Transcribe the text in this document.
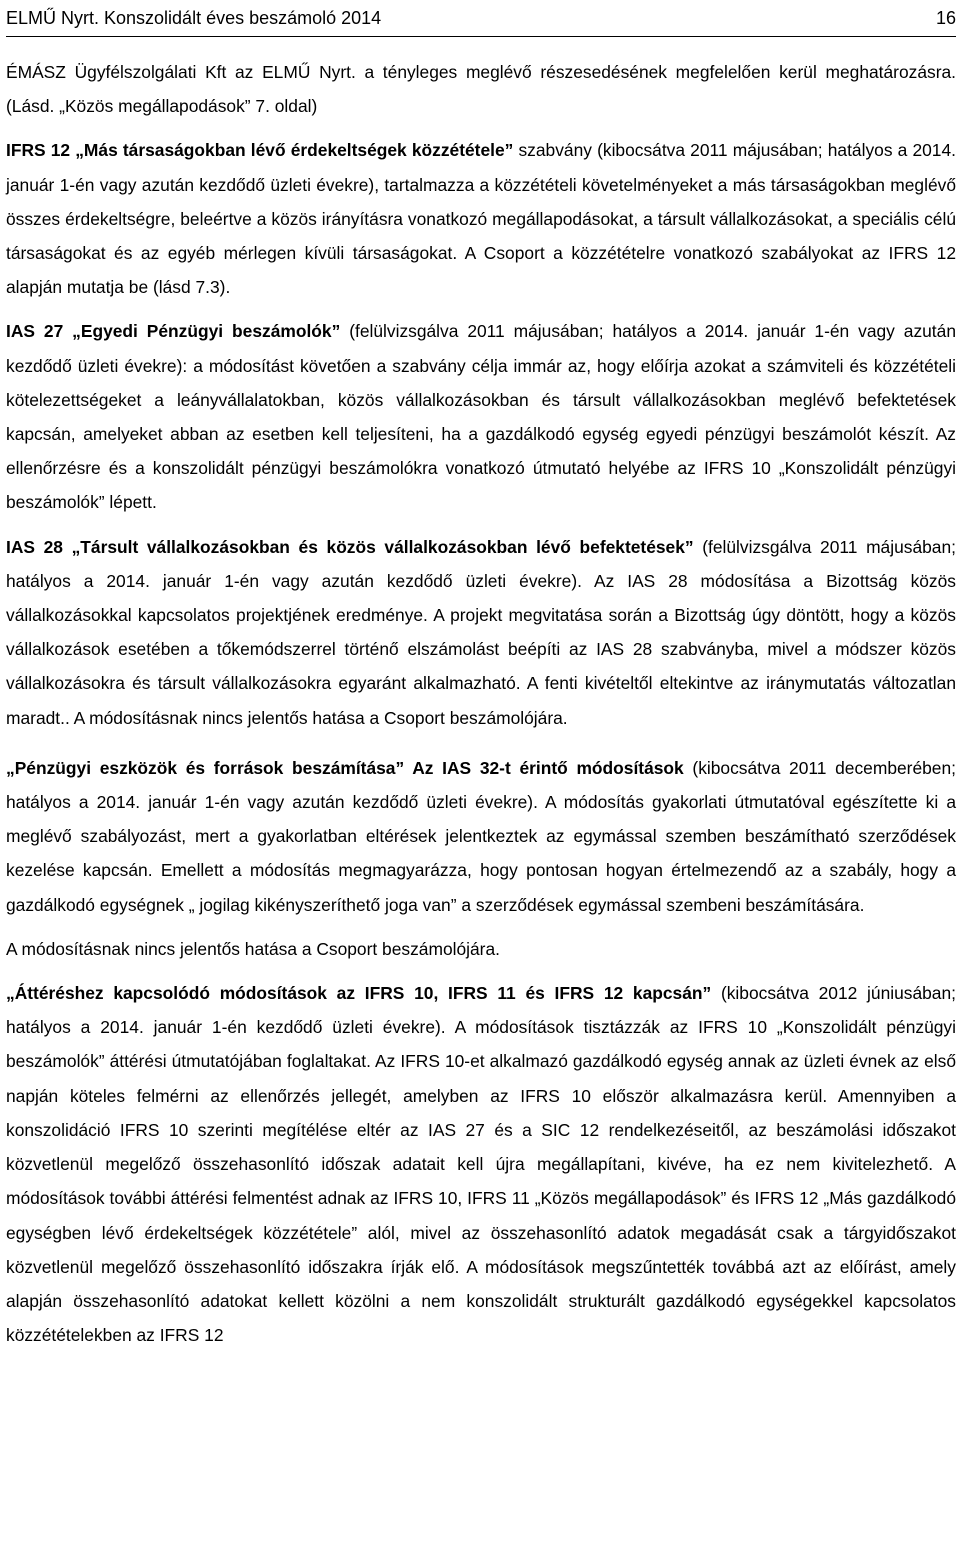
ELMŰ Nyrt. Konszolidált éves beszámoló 2014	16

ÉMÁSZ Ügyfélszolgálati Kft az ELMŰ Nyrt. a tényleges meglévő részesedésének megfelelően kerül meghatározásra. (Lásd. „Közös megállapodások” 7. oldal)

IFRS 12 „Más társaságokban lévő érdekeltségek közzététele” szabvány (kibocsátva 2011 májusában; hatályos a 2014. január 1-én vagy azután kezdődő üzleti évekre), tartalmazza a közzétételi követelményeket a más társaságokban meglévő összes érdekeltségre, beleértve a közös irányításra vonatkozó megállapodásokat, a társult vállalkozásokat, a speciális célú társaságokat és az egyéb mérlegen kívüli társaságokat. A Csoport a közzétételre vonatkozó szabályokat az IFRS 12 alapján mutatja be (lásd 7.3).

IAS 27 „Egyedi Pénzügyi beszámolók” (felülvizsgálva 2011 májusában; hatályos a 2014. január 1-én vagy azután kezdődő üzleti évekre): a módosítást követően a szabvány célja immár az, hogy előírja azokat a számviteli és közzétételi kötelezettségeket a leányvállalatokban, közös vállalkozásokban és társult vállalkozásokban meglévő befektetések kapcsán, amelyeket abban az esetben kell teljesíteni, ha a gazdálkodó egység egyedi pénzügyi beszámolót készít. Az ellenőrzésre és a konszolidált pénzügyi beszámolókra vonatkozó útmutató helyébe az IFRS 10 „Konszolidált pénzügyi beszámolók” lépett.

IAS 28 „Társult vállalkozásokban és közös vállalkozásokban lévő befektetések” (felülvizsgálva 2011 májusában; hatályos a 2014. január 1-én vagy azután kezdődő üzleti évekre). Az IAS 28 módosítása a Bizottság közös vállalkozásokkal kapcsolatos projektjének eredménye. A projekt megvitatása során a Bizottság úgy döntött, hogy a közös vállalkozások esetében a tőkemódszerrel történő elszámolást beépíti az IAS 28 szabványba, mivel a módszer közös vállalkozásokra és társult vállalkozásokra egyaránt alkalmazható. A fenti kivételtől eltekintve az iránymutatás változatlan maradt.. A módosításnak nincs jelentős hatása a Csoport beszámolójára.

„Pénzügyi eszközök és források beszámítása” Az IAS 32-t érintő módosítások (kibocsátva 2011 decemberében; hatályos a 2014. január 1-én vagy azután kezdődő üzleti évekre). A módosítás gyakorlati útmutatóval egészítette ki a meglévő szabályozást, mert a gyakorlatban eltérések jelentkeztek az egymással szemben beszámítható szerződések kezelése kapcsán. Emellett a módosítás megmagyarázza, hogy pontosan hogyan értelmezendő az a szabály, hogy a gazdálkodó egységnek „ jogilag kikényszeríthető joga van” a szerződések egymással szembeni beszámítására.

A módosításnak nincs jelentős hatása a Csoport beszámolójára.

„Áttéréshez kapcsolódó módosítások az IFRS 10, IFRS 11 és IFRS 12 kapcsán” (kibocsátva 2012 júniusában; hatályos a 2014. január 1-én kezdődő üzleti évekre). A módosítások tisztázzák az IFRS 10 „Konszolidált pénzügyi beszámolók” áttérési útmutatójában foglaltakat. Az IFRS 10-et alkalmazó gazdálkodó egység annak az üzleti évnek az első napján köteles felmérni az ellenőrzés jellegét, amelyben az IFRS 10 először alkalmazásra kerül. Amennyiben a konszolidáció IFRS 10 szerinti megítélése eltér az IAS 27 és a SIC 12 rendelkezéseitől, az beszámolási időszakot közvetlenül megelőző összehasonlító időszak adatait kell újra megállapítani, kivéve, ha ez nem kivitelezhető. A módosítások további áttérési felmentést adnak az IFRS 10, IFRS 11 „Közös megállapodások” és IFRS 12 „Más gazdálkodó egységben lévő érdekeltségek közzététele” alól, mivel az összehasonlító adatok megadását csak a tárgyidőszakot közvetlenül megelőző összehasonlító időszakra írják elő. A módosítások megszűntették továbbá azt az előírást, amely alapján összehasonlító adatokat kellett közölni a nem konszolidált strukturált gazdálkodó egységekkel kapcsolatos közzétételekben az IFRS 12
